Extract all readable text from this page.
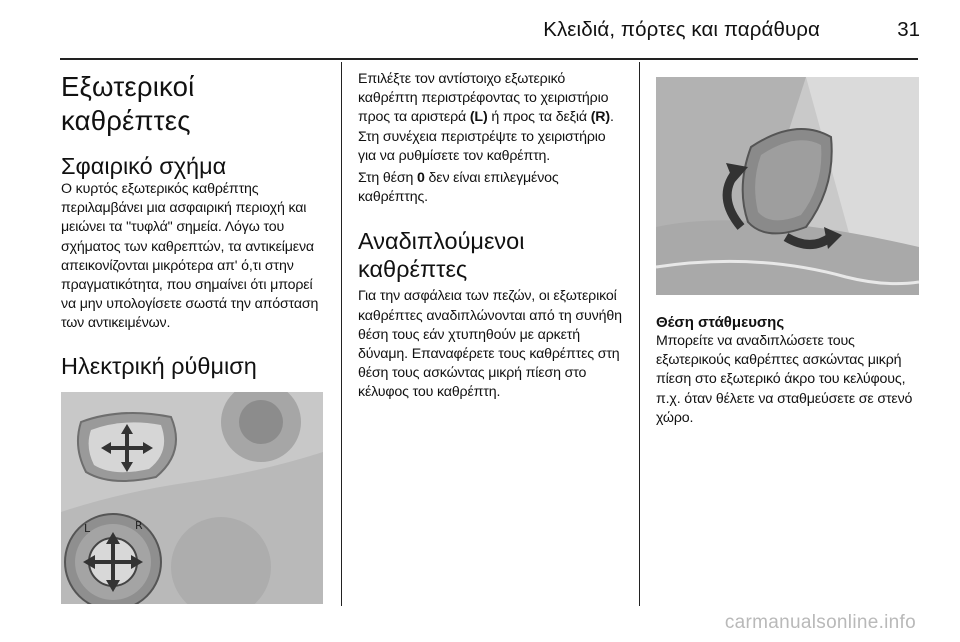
Κλειδιά, πόρτες και παράθυρα	31
Εξωτερικοί καθρέπτες
Σφαιρικό σχήμα

Ο κυρτός εξωτερικός καθρέπτης περιλαμβάνει μια ασφαιρική περιοχή και μειώνει τα "τυφλά" σημεία. Λόγω του σχήματος των καθρεπτών, τα αντικείμενα απεικονίζονται μικρότερα απ' ό,τι στην πραγματικότητα, που σημαίνει ότι μπορεί να μην υπολογίσετε σωστά την απόσταση των αντικειμένων.

Ηλεκτρική ρύθμιση
L	R

Επιλέξτε τον αντίστοιχο εξωτερικό καθρέπτη περιστρέφοντας το χειριστήριο προς τα αριστερά (L) ή προς τα δεξιά (R). Στη συνέχεια περιστρέψτε το χειριστήριο για να ρυθμίσετε τον καθρέπτη.

Στη θέση 0 δεν είναι επιλεγμένος καθρέπτης.

Αναδιπλούμενοι καθρέπτες

Για την ασφάλεια των πεζών, οι εξωτερικοί καθρέπτες αναδιπλώνονται από τη συνήθη θέση τους εάν χτυπηθούν με αρκετή δύναμη. Επαναφέρετε τους καθρέπτες στη θέση τους ασκώντας μικρή πίεση στο κέλυφος του καθρέπτη.

Θέση στάθμευσης

Μπορείτε να αναδιπλώσετε τους εξωτερικούς καθρέπτες ασκώντας μικρή πίεση στο εξωτερικό άκρο του κελύφους, π.χ. όταν θέλετε να σταθμεύσετε σε στενό χώρο.

carmanualsonline.info
